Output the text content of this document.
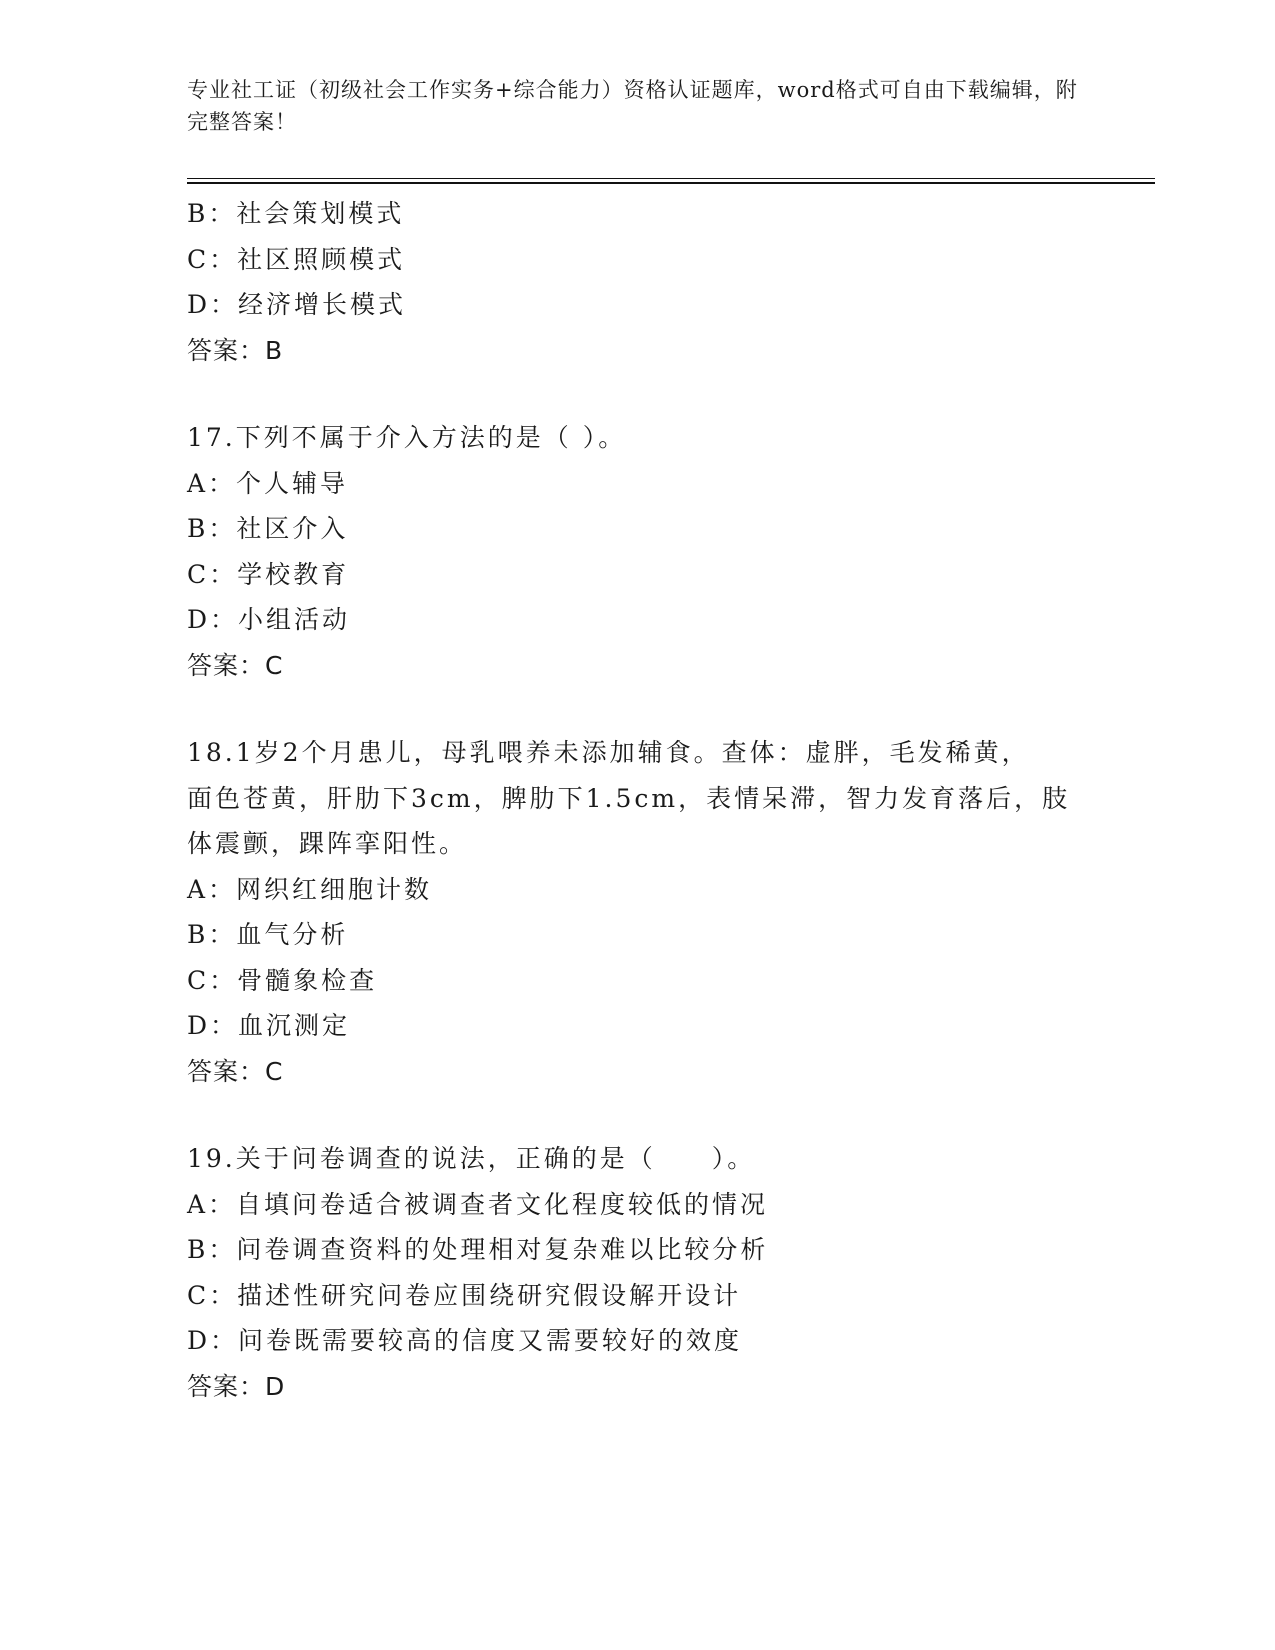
专业社工证（初级社会工作实务+综合能力）资格认证题库，word格式可自由下载编辑，附完整答案！
B：社会策划模式
C：社区照顾模式
D：经济增长模式
答案：B
17.下列不属于介入方法的是（ ）。
A：个人辅导
B：社区介入
C：学校教育
D：小组活动
答案：C
18.1岁2个月患儿，母乳喂养未添加辅食。查体：虚胖，毛发稀黄，
面色苍黄，肝肋下3cm，脾肋下1.5cm，表情呆滞，智力发育落后，肢
体震颤，踝阵挛阳性。
A：网织红细胞计数
B：血气分析
C：骨髓象检查
D：血沉测定
答案：C
19.关于问卷调查的说法，正确的是（　　）。
A：自填问卷适合被调查者文化程度较低的情况
B：问卷调查资料的处理相对复杂难以比较分析
C：描述性研究问卷应围绕研究假设解开设计
D：问卷既需要较高的信度又需要较好的效度
答案：D
